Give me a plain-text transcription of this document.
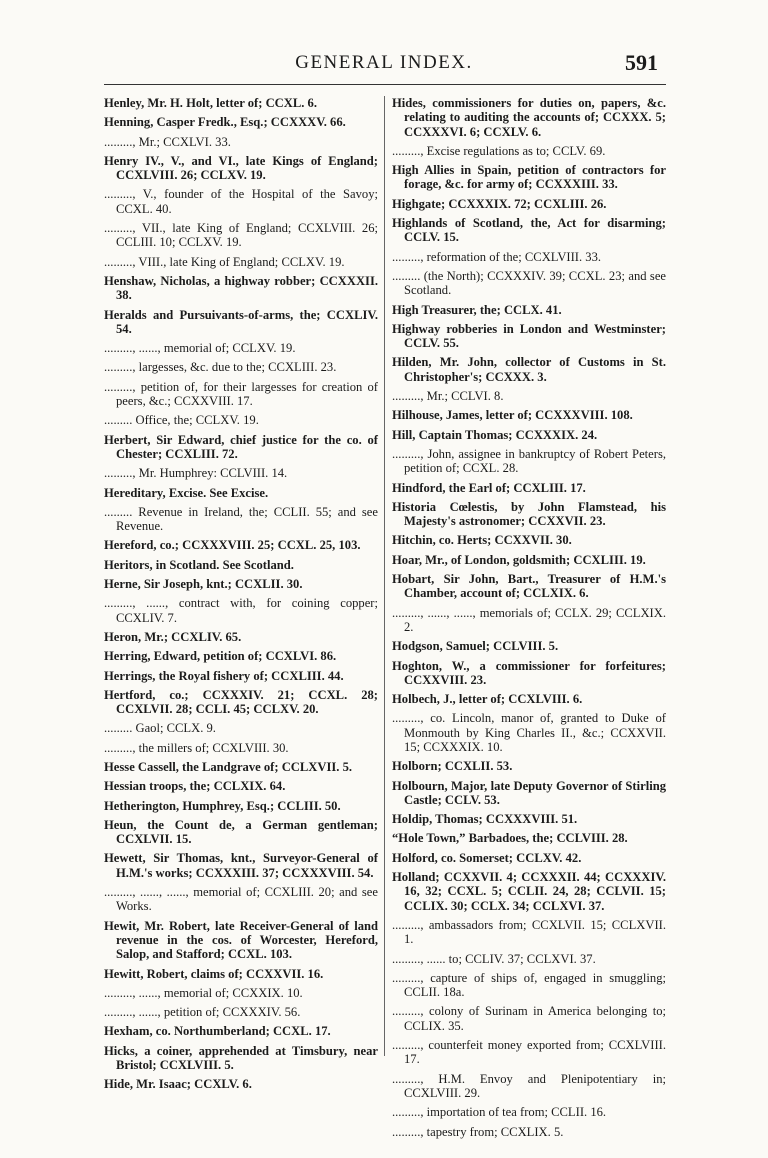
GENERAL INDEX.	591
Henley, Mr. H. Holt, letter of; CCXL. 6.
Henning, Casper Fredk., Esq.; CCXXXV. 66.
........., Mr.; CCXLVI. 33.
Henry IV., V., and VI., late Kings of England; CCXLVIII. 26; CCLXV. 19.
........., V., founder of the Hospital of the Savoy; CCXL. 40.
........., VII., late King of England; CCXLVIII. 26; CCLIII. 10; CCLXV. 19.
........., VIII., late King of England; CCLXV. 19.
Henshaw, Nicholas, a highway robber; CCXXXII. 38.
Heralds and Pursuivants-of-arms, the; CCXLIV. 54.
........., ......, memorial of; CCLXV. 19.
........., largesses, &c. due to the; CCXLIII. 23.
........., petition of, for their largesses for creation of peers, &c.; CCXXVIII. 17.
......... Office, the; CCLXV. 19.
Herbert, Sir Edward, chief justice for the co. of Chester; CCXLIII. 72.
........., Mr. Humphrey: CCLVIII. 14.
Hereditary, Excise. See Excise.
......... Revenue in Ireland, the; CCLII. 55; and see Revenue.
Hereford, co.; CCXXXVIII. 25; CCXL. 25, 103.
Heritors, in Scotland. See Scotland.
Herne, Sir Joseph, knt.; CCXLII. 30.
........., ......, contract with, for coining copper; CCXLIV. 7.
Heron, Mr.; CCXLIV. 65.
Herring, Edward, petition of; CCXLVI. 86.
Herrings, the Royal fishery of; CCXLIII. 44.
Hertford, co.; CCXXXIV. 21; CCXL. 28; CCXLVII. 28; CCLI. 45; CCLXV. 20.
......... Gaol; CCLX. 9.
........., the millers of; CCXLVIII. 30.
Hesse Cassell, the Landgrave of; CCLXVII. 5.
Hessian troops, the; CCLXIX. 64.
Hetherington, Humphrey, Esq.; CCLIII. 50.
Heun, the Count de, a German gentleman; CCXLVII. 15.
Hewett, Sir Thomas, knt., Surveyor-General of H.M.'s works; CCXXXIII. 37; CCXXXVIII. 54.
........., ......, ......, memorial of; CCXLIII. 20; and see Works.
Hewit, Mr. Robert, late Receiver-General of land revenue in the cos. of Worcester, Hereford, Salop, and Stafford; CCXL. 103.
Hewitt, Robert, claims of; CCXXVII. 16.
........., ......, memorial of; CCXXIX. 10.
........., ......, petition of; CCXXXIV. 56.
Hexham, co. Northumberland; CCXL. 17.
Hicks, a coiner, apprehended at Timsbury, near Bristol; CCXLVIII. 5.
Hide, Mr. Isaac; CCXLV. 6.
Hides, commissioners for duties on, papers, &c. relating to auditing the accounts of; CCXXX. 5; CCXXXVI. 6; CCXLV. 6.
........., Excise regulations as to; CCLV. 69.
High Allies in Spain, petition of contractors for forage, &c. for army of; CCXXXIII. 33.
Highgate; CCXXXIX. 72; CCXLIII. 26.
Highlands of Scotland, the, Act for disarming; CCLV. 15.
........., reformation of the; CCXLVIII. 33.
......... (the North); CCXXXIV. 39; CCXL. 23; and see Scotland.
High Treasurer, the; CCLX. 41.
Highway robberies in London and Westminster; CCLV. 55.
Hilden, Mr. John, collector of Customs in St. Christopher's; CCXXX. 3.
........., Mr.; CCLVI. 8.
Hilhouse, James, letter of; CCXXXVIII. 108.
Hill, Captain Thomas; CCXXXIX. 24.
........., John, assignee in bankruptcy of Robert Peters, petition of; CCXL. 28.
Hindford, the Earl of; CCXLIII. 17.
Historia Cœlestis, by John Flamstead, his Majesty's astronomer; CCXXVII. 23.
Hitchin, co. Herts; CCXXVII. 30.
Hoar, Mr., of London, goldsmith; CCXLIII. 19.
Hobart, Sir John, Bart., Treasurer of H.M.'s Chamber, account of; CCLXIX. 6.
........., ......, ......, memorials of; CCLX. 29; CCLXIX. 2.
Hodgson, Samuel; CCLVIII. 5.
Hoghton, W., a commissioner for forfeitures; CCXXVIII. 23.
Holbech, J., letter of; CCXLVIII. 6.
........., co. Lincoln, manor of, granted to Duke of Monmouth by King Charles II., &c.; CCXXVII. 15; CCXXXIX. 10.
Holborn; CCXLII. 53.
Holbourn, Major, late Deputy Governor of Stirling Castle; CCLV. 53.
Holdip, Thomas; CCXXXVIII. 51.
“Hole Town,” Barbadoes, the; CCLVIII. 28.
Holford, co. Somerset; CCLXV. 42.
Holland; CCXXVII. 4; CCXXXII. 44; CCXXXIV. 16, 32; CCXL. 5; CCLII. 24, 28; CCLVII. 15; CCLIX. 30; CCLX. 34; CCLXVI. 37.
........., ambassadors from; CCXLVII. 15; CCLXVII. 1.
........., ...... to; CCLIV. 37; CCLXVI. 37.
........., capture of ships of, engaged in smuggling; CCLII. 18a.
........., colony of Surinam in America belonging to; CCLIX. 35.
........., counterfeit money exported from; CCXLVIII. 17.
........., H.M. Envoy and Plenipotentiary in; CCXLVIII. 29.
........., importation of tea from; CCLII. 16.
........., tapestry from; CCXLIX. 5.
